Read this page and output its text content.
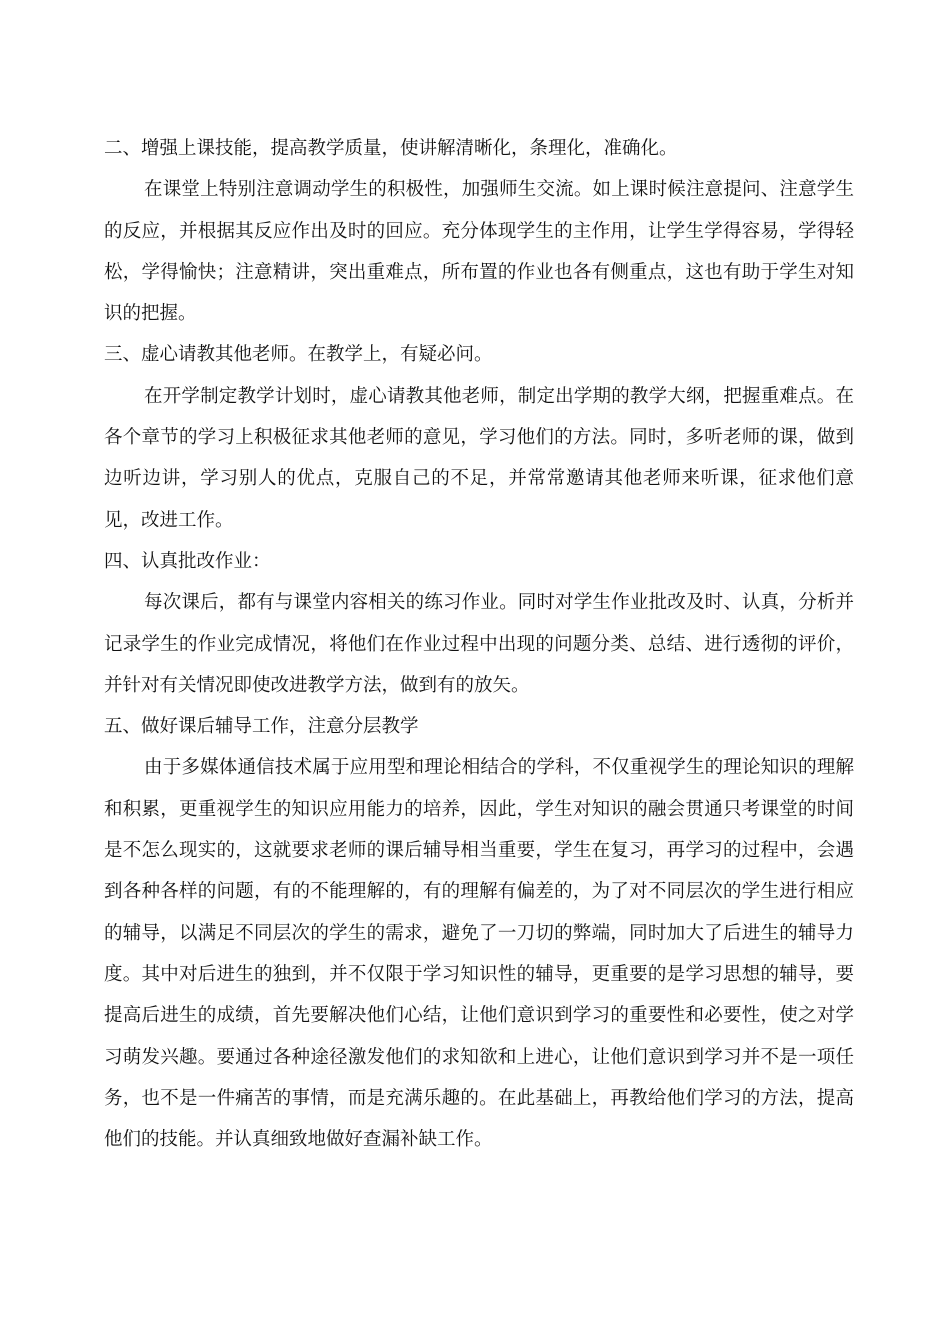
二、增强上课技能，提高教学质量，使讲解清晰化，条理化，准确化。

在课堂上特别注意调动学生的积极性，加强师生交流。如上课时候注意提问、注意学生的反应，并根据其反应作出及时的回应。充分体现学生的主作用，让学生学得容易，学得轻松，学得愉快；注意精讲，突出重难点，所布置的作业也各有侧重点，这也有助于学生对知识的把握。

三、虚心请教其他老师。在教学上，有疑必问。

在开学制定教学计划时，虚心请教其他老师，制定出学期的教学大纲，把握重难点。在各个章节的学习上积极征求其他老师的意见，学习他们的方法。同时，多听老师的课，做到边听边讲，学习别人的优点，克服自己的不足，并常常邀请其他老师来听课，征求他们意见，改进工作。

四、认真批改作业：

每次课后，都有与课堂内容相关的练习作业。同时对学生作业批改及时、认真，分析并记录学生的作业完成情况，将他们在作业过程中出现的问题分类、总结、进行透彻的评价，并针对有关情况即使改进教学方法，做到有的放矢。

五、做好课后辅导工作，注意分层教学

由于多媒体通信技术属于应用型和理论相结合的学科，不仅重视学生的理论知识的理解和积累，更重视学生的知识应用能力的培养，因此，学生对知识的融会贯通只考课堂的时间是不怎么现实的，这就要求老师的课后辅导相当重要，学生在复习，再学习的过程中，会遇到各种各样的问题，有的不能理解的，有的理解有偏差的，为了对不同层次的学生进行相应的辅导，以满足不同层次的学生的需求，避免了一刀切的弊端，同时加大了后进生的辅导力度。其中对后进生的独到，并不仅限于学习知识性的辅导，更重要的是学习思想的辅导，要提高后进生的成绩，首先要解决他们心结，让他们意识到学习的重要性和必要性，使之对学习萌发兴趣。要通过各种途径激发他们的求知欲和上进心，让他们意识到学习并不是一项任务，也不是一件痛苦的事情，而是充满乐趣的。在此基础上，再教给他们学习的方法，提高他们的技能。并认真细致地做好查漏补缺工作。
